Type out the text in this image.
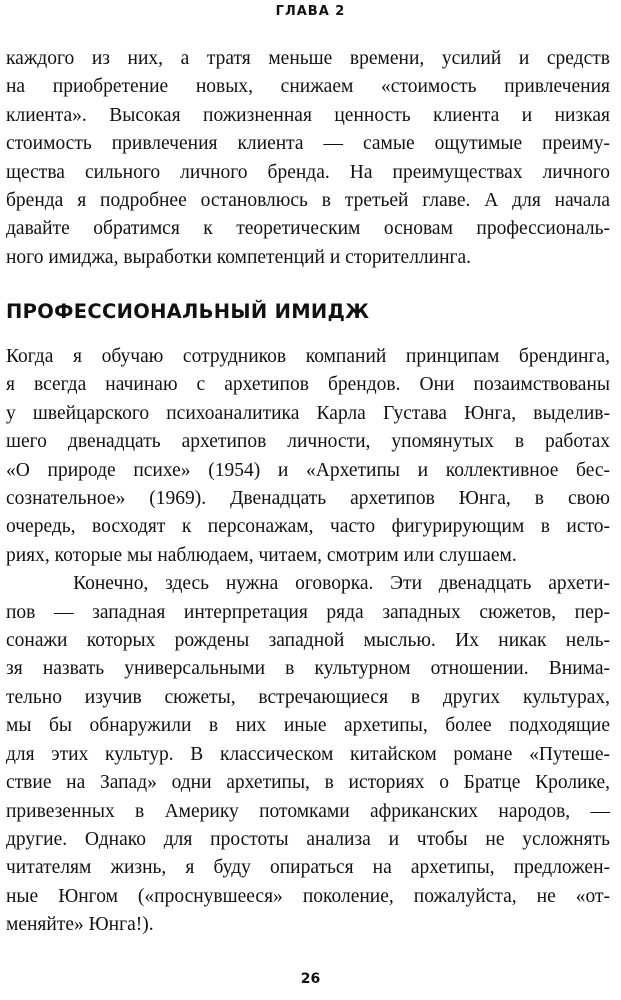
ГЛАВА 2
каждого из них, а тратя меньше времени, усилий и средств
на приобретение новых, снижаем «стоимость привлечения
клиента». Высокая пожизненная ценность клиента и низкая
стоимость привлечения клиента — самые ощутимые преиму-
щества сильного личного бренда. На преимуществах личного
бренда я подробнее остановлюсь в третьей главе. А для начала
давайте обратимся к теоретическим основам профессиональ-
ного имиджа, выработки компетенций и сторителлинга.
ПРОФЕССИОНАЛЬНЫЙ ИМИДЖ
Когда я обучаю сотрудников компаний принципам брендинга,
я всегда начинаю с архетипов брендов. Они позаимствованы
у швейцарского психоаналитика Карла Густава Юнга, выделив-
шего двенадцать архетипов личности, упомянутых в работах
«О природе психе» (1954) и «Архетипы и коллективное бес-
сознательное» (1969). Двенадцать архетипов Юнга, в свою
очередь, восходят к персонажам, часто фигурирующим в исто-
риях, которые мы наблюдаем, читаем, смотрим или слушаем.
Конечно, здесь нужна оговорка. Эти двенадцать архети-
пов — западная интерпретация ряда западных сюжетов, пер-
сонажи которых рождены западной мыслью. Их никак нель-
зя назвать универсальными в культурном отношении. Внима-
тельно изучив сюжеты, встречающиеся в других культурах,
мы бы обнаружили в них иные архетипы, более подходящие
для этих культур. В классическом китайском романе «Путеше-
ствие на Запад» одни архетипы, в историях о Братце Кролике,
привезенных в Америку потомками африканских народов, —
другие. Однако для простоты анализа и чтобы не усложнять
читателям жизнь, я буду опираться на архетипы, предложен-
ные Юнгом («проснувшееся» поколение, пожалуйста, не «от-
меняйте» Юнга!).
26
